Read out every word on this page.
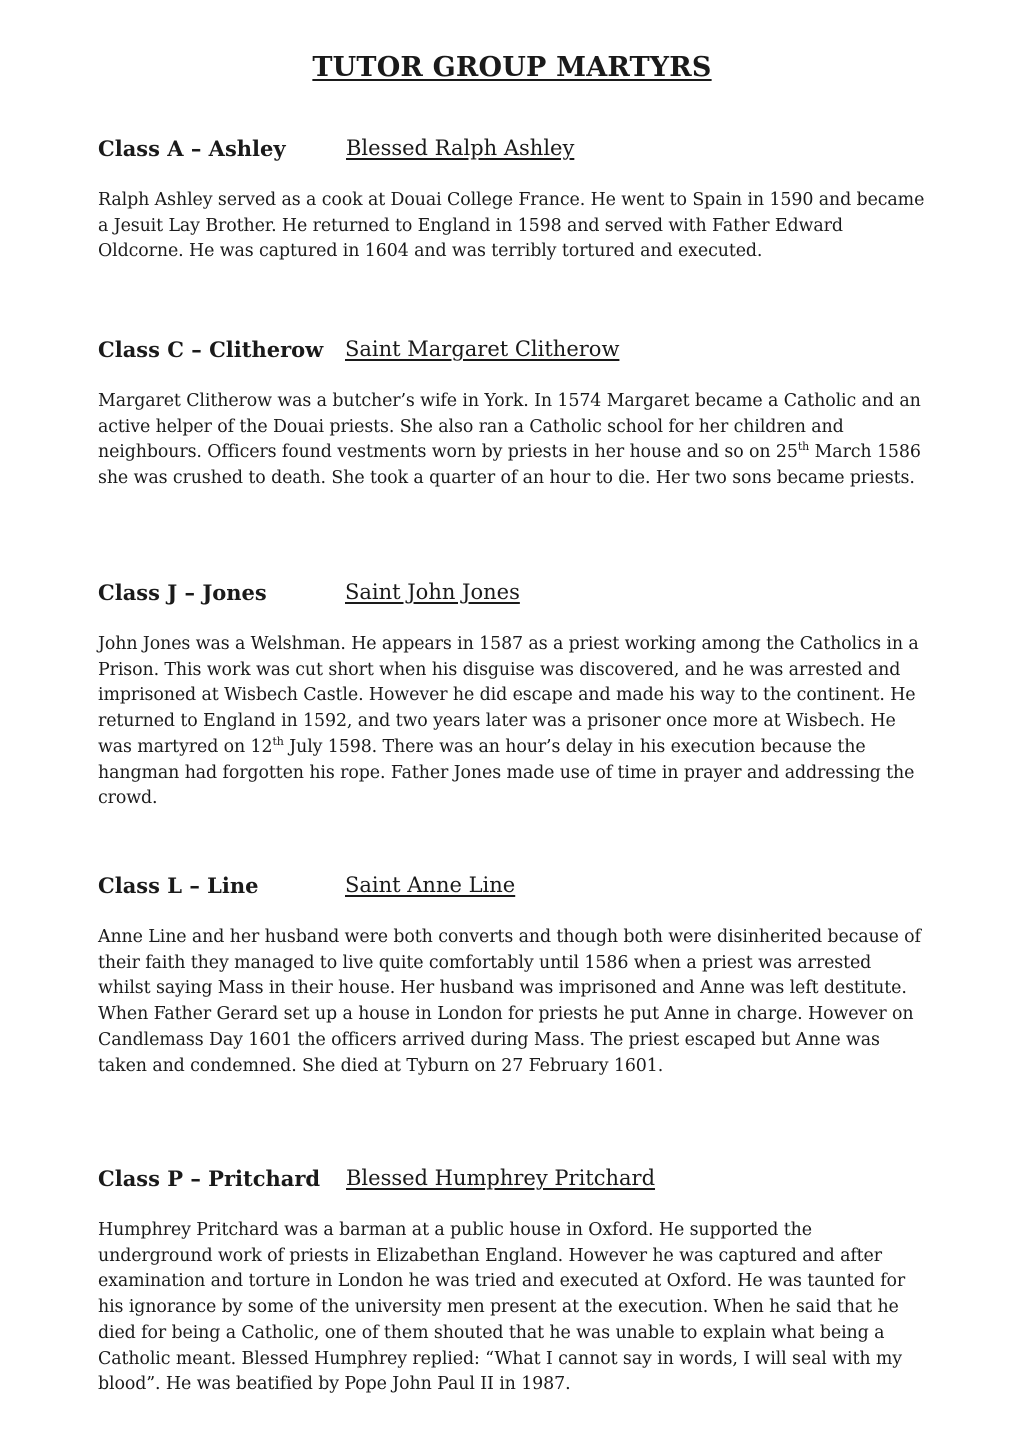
TUTOR GROUP MARTYRS
Class A – Ashley	Blessed Ralph Ashley

Ralph Ashley served as a cook at Douai College France. He went to Spain in 1590 and became a Jesuit Lay Brother. He returned to England in 1598 and served with Father Edward Oldcorne. He was captured in 1604 and was terribly tortured and executed.

Class C – Clitherow Saint Margaret Clitherow

Margaret Clitherow was a butcher’s wife in York. In 1574 Margaret became a Catholic and an active helper of the Douai priests. She also ran a Catholic school for her children and neighbours. Officers found vestments worn by priests in her house and so on 25th March 1586 she was crushed to death. She took a quarter of an hour to die. Her two sons became priests.

Class J – Jones	Saint John Jones

John Jones was a Welshman. He appears in 1587 as a priest working among the Catholics in a Prison. This work was cut short when his disguise was discovered, and he was arrested and imprisoned at Wisbech Castle. However he did escape and made his way to the continent. He returned to England in 1592, and two years later was a prisoner once more at Wisbech. He was martyred on 12th July 1598. There was an hour’s delay in his execution because the hangman had forgotten his rope. Father Jones made use of time in prayer and addressing the crowd.

Class L – Line	Saint Anne Line

Anne Line and her husband were both converts and though both were disinherited because of their faith they managed to live quite comfortably until 1586 when a priest was arrested whilst saying Mass in their house. Her husband was imprisoned and Anne was left destitute. When Father Gerard set up a house in London for priests he put Anne in charge. However on Candlemass Day 1601 the officers arrived during Mass. The priest escaped but Anne was taken and condemned. She died at Tyburn on 27 February 1601.

Class P – Pritchard Blessed Humphrey Pritchard

Humphrey Pritchard was a barman at a public house in Oxford. He supported the underground work of priests in Elizabethan England. However he was captured and after examination and torture in London he was tried and executed at Oxford. He was taunted for his ignorance by some of the university men present at the execution. When he said that he died for being a Catholic, one of them shouted that he was unable to explain what being a Catholic meant. Blessed Humphrey replied: “What I cannot say in words, I will seal with my blood”. He was beatified by Pope John Paul II in 1987.
